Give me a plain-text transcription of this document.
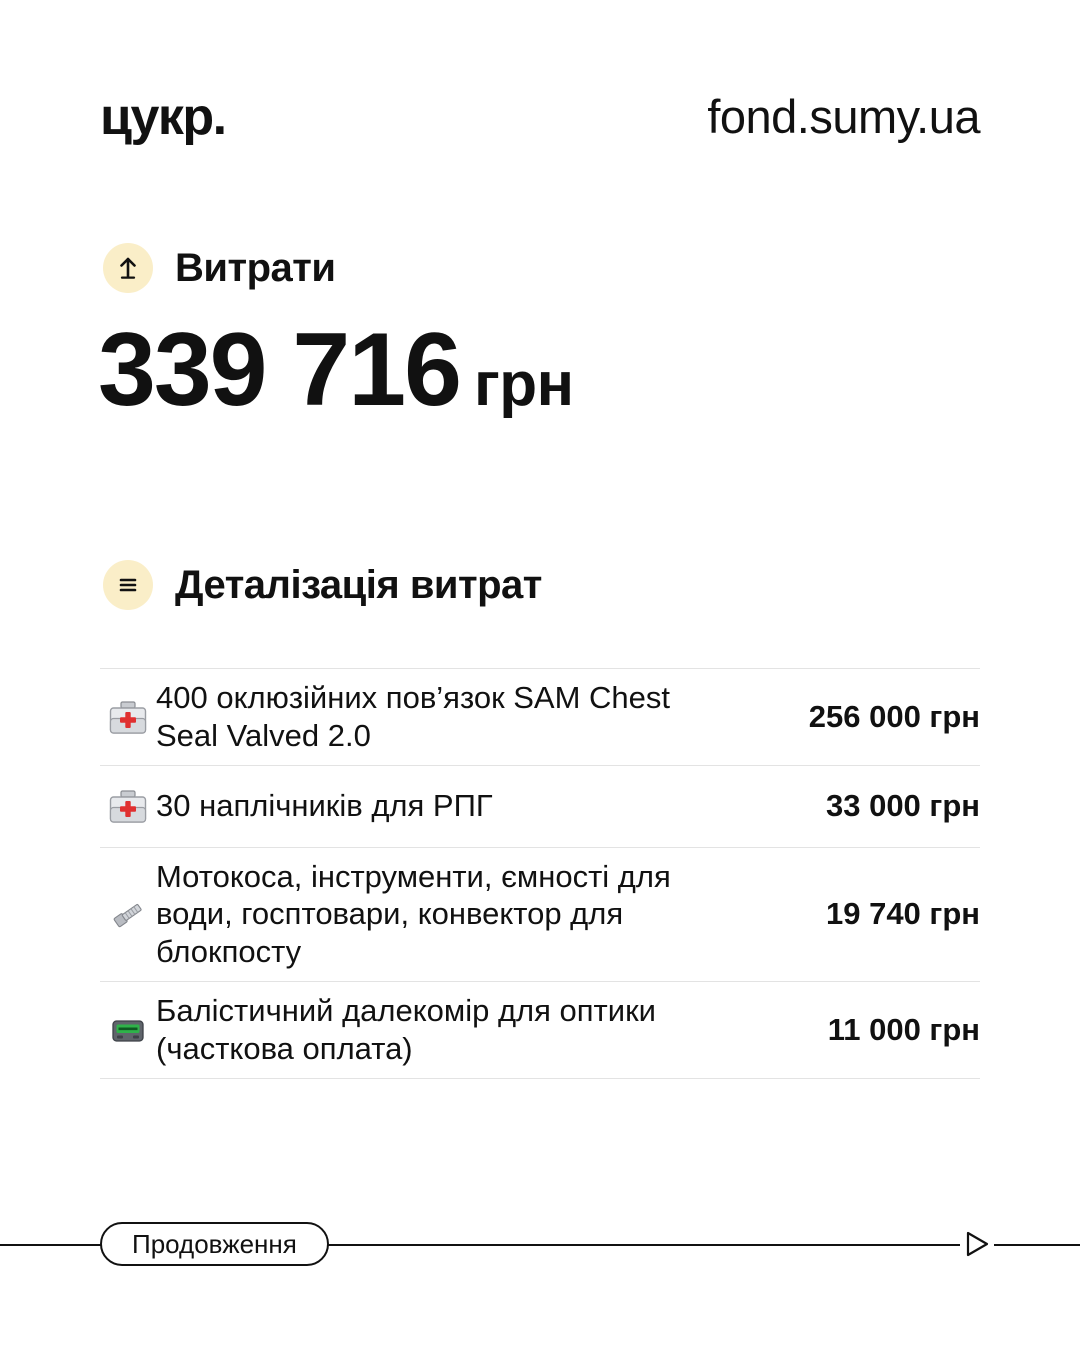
цукр.	fond.sumy.ua
Витрати
339 716 грн
Деталізація витрат
400 оклюзійних пов’язок SAM Chest Seal Valved 2.0
256 000 грн
30 наплічників для РПГ	33 000 грн
Мотокоса, інструменти, ємності для води, госптовари, конвектор для блокпосту
19 740 грн
Балістичний далекомір для оптики (часткова оплата)
11 000 грн
Продовження
